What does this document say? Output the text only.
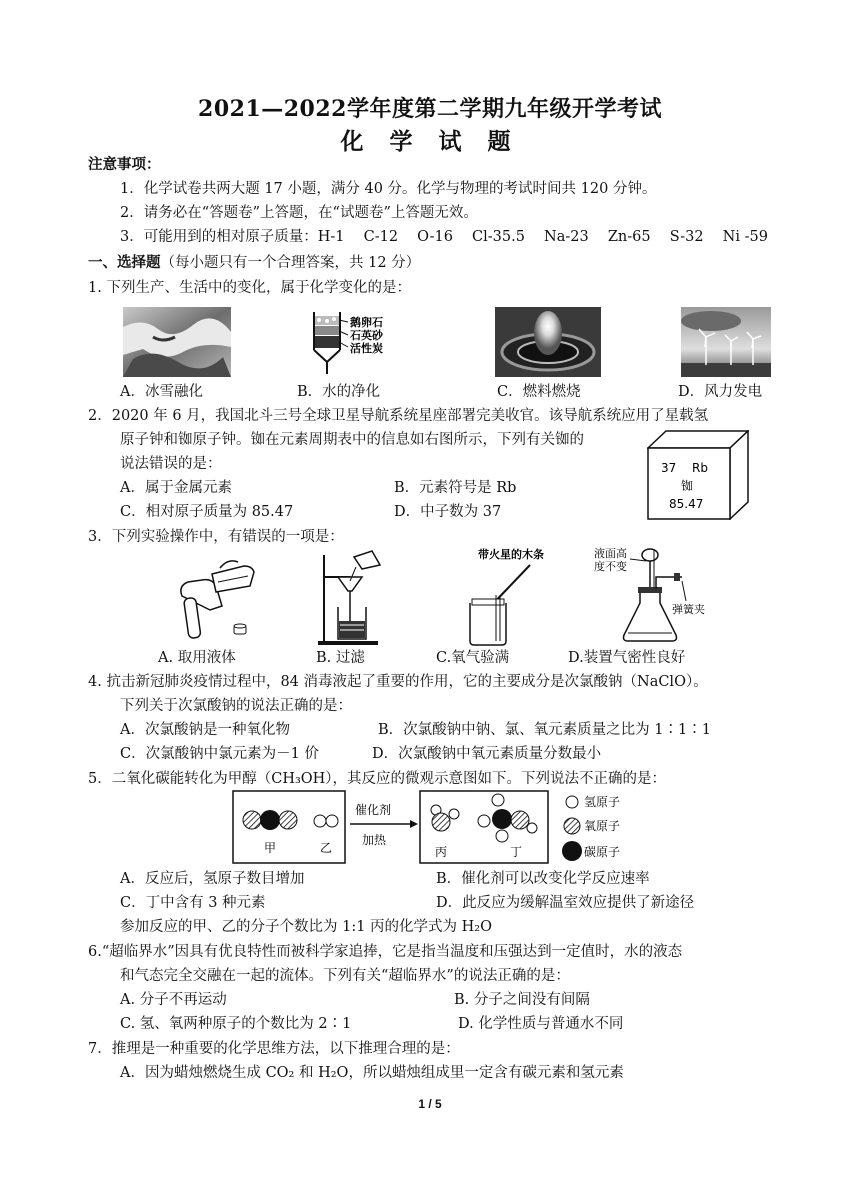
2021—2022学年度第二学期九年级开学考试
化 学 试 题
注意事项：
1．化学试卷共两大题 17 小题，满分 40 分。化学与物理的考试时间共 120 分钟。
2．请务必在“答题卷”上答题，在“试题卷”上答题无效。
3．可能用到的相对原子质量：H-1　 C-12　 O-16　 Cl-35.5　 Na-23　 Zn-65　 S-32　 Ni -59
一、选择题（每小题只有一个合理答案，共 12 分）
1. 下列生产、生活中的变化，属于化学变化的是：
鹅卵石
石英砂
活性炭
A．冰雪融化	B．水的净化	C．燃料燃烧	D．风力发电
2．2020 年 6 月，我国北斗三号全球卫星导航系统星座部署完美收官。该导航系统应用了星载氢
原子钟和铷原子钟。铷在元素周期表中的信息如右图所示，下列有关铷的
说法错误的是：
A．属于金属元素	B．元素符号是 Rb
C．相对原子质量为 85.47	D．中子数为 37
37 Rb
铷
85.47
3．下列实验操作中，有错误的一项是：
带火星的木条	液面高
度不变
弹簧夹
A. 取用液体	B. 过滤	C.氧气验满	D.装置气密性良好
4. 抗击新冠肺炎疫情过程中，84 消毒液起了重要的作用，它的主要成分是次氯酸钠（NaClO）。
下列关于次氯酸钠的说法正确的是：
A．次氯酸钠是一种氧化物	B．次氯酸钠中钠、氯、氧元素质量之比为 1∶1∶1
C．次氯酸钠中氯元素为－1 价	D．次氯酸钠中氧元素质量分数最小
5．二氧化碳能转化为甲醇（CH₃OH），其反应的微观示意图如下。下列说法不正确的是：
甲	乙
催化剂
加热
丙	丁
氢原子
氧原子
碳原子
A．反应后，氢原子数目增加	B．催化剂可以改变化学反应速率
C．丁中含有 3 种元素	D．此反应为缓解温室效应提供了新途径
参加反应的甲、乙的分子个数比为 1:1 丙的化学式为 H₂O
6.“超临界水”因具有优良特性而被科学家追捧，它是指当温度和压强达到一定值时，水的液态
和气态完全交融在一起的流体。下列有关“超临界水”的说法正确的是：
A. 分子不再运动	B. 分子之间没有间隔
C. 氢、氧两种原子的个数比为 2∶1	D. 化学性质与普通水不同
7．推理是一种重要的化学思维方法，以下推理合理的是：
A．因为蜡烛燃烧生成 CO₂ 和 H₂O，所以蜡烛组成里一定含有碳元素和氢元素
1 / 5
